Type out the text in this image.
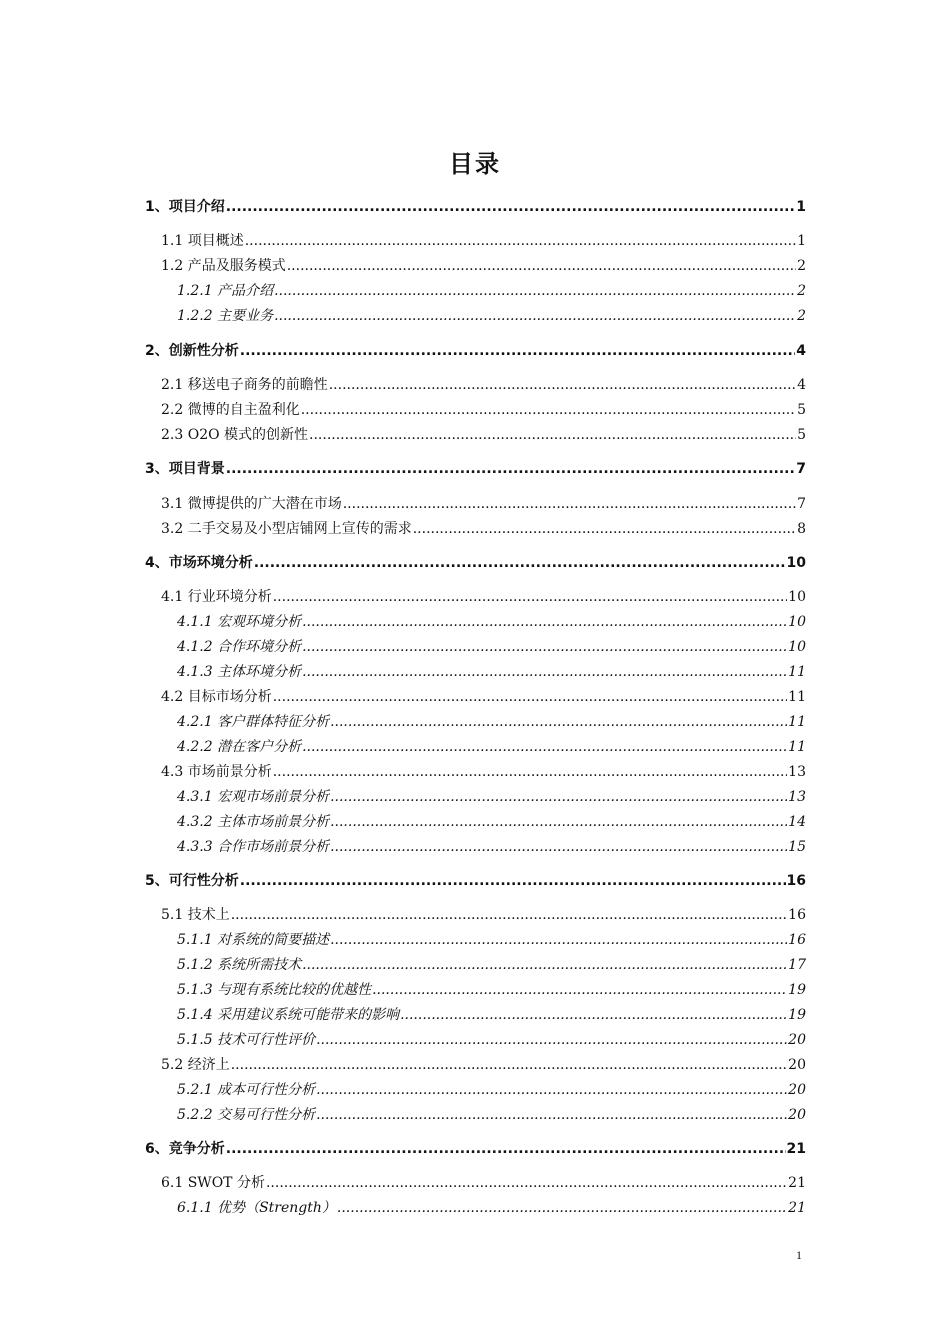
目录
1、项目介绍 .....	1
1.1 项目概述 .....	1
1.2 产品及服务模式 .....	2
1.2.1 产品介绍 .....	2
1.2.2 主要业务 .....	2
2、创新性分析 .....	4
2.1 移送电子商务的前瞻性 .....	4
2.2 微博的自主盈利化 .....	5
2.3 O2O 模式的创新性 .....	5
3、项目背景 .....	7
3.1 微博提供的广大潜在市场 .....	7
3.2 二手交易及小型店铺网上宣传的需求 .....	8
4、市场环境分析 .....	10
4.1 行业环境分析 .....	10
4.1.1 宏观环境分析 .....	10
4.1.2 合作环境分析 .....	10
4.1.3 主体环境分析 .....	11
4.2 目标市场分析 .....	11
4.2.1 客户群体特征分析 .....	11
4.2.2 潜在客户分析 .....	11
4.3 市场前景分析 .....	13
4.3.1 宏观市场前景分析 .....	13
4.3.2 主体市场前景分析 .....	14
4.3.3 合作市场前景分析 .....	15
5、可行性分析 .....	16
5.1 技术上 .....	16
5.1.1 对系统的简要描述 .....	16
5.1.2 系统所需技术 .....	17
5.1.3 与现有系统比较的优越性 .....	19
5.1.4 采用建议系统可能带来的影响 .....	19
5.1.5 技术可行性评价 .....	20
5.2 经济上 .....	20
5.2.1 成本可行性分析 .....	20
5.2.2 交易可行性分析 .....	20
6、竞争分析 .....	21
6.1 SWOT 分析 .....	21
6.1.1 优势（Strength） .....	21
1
